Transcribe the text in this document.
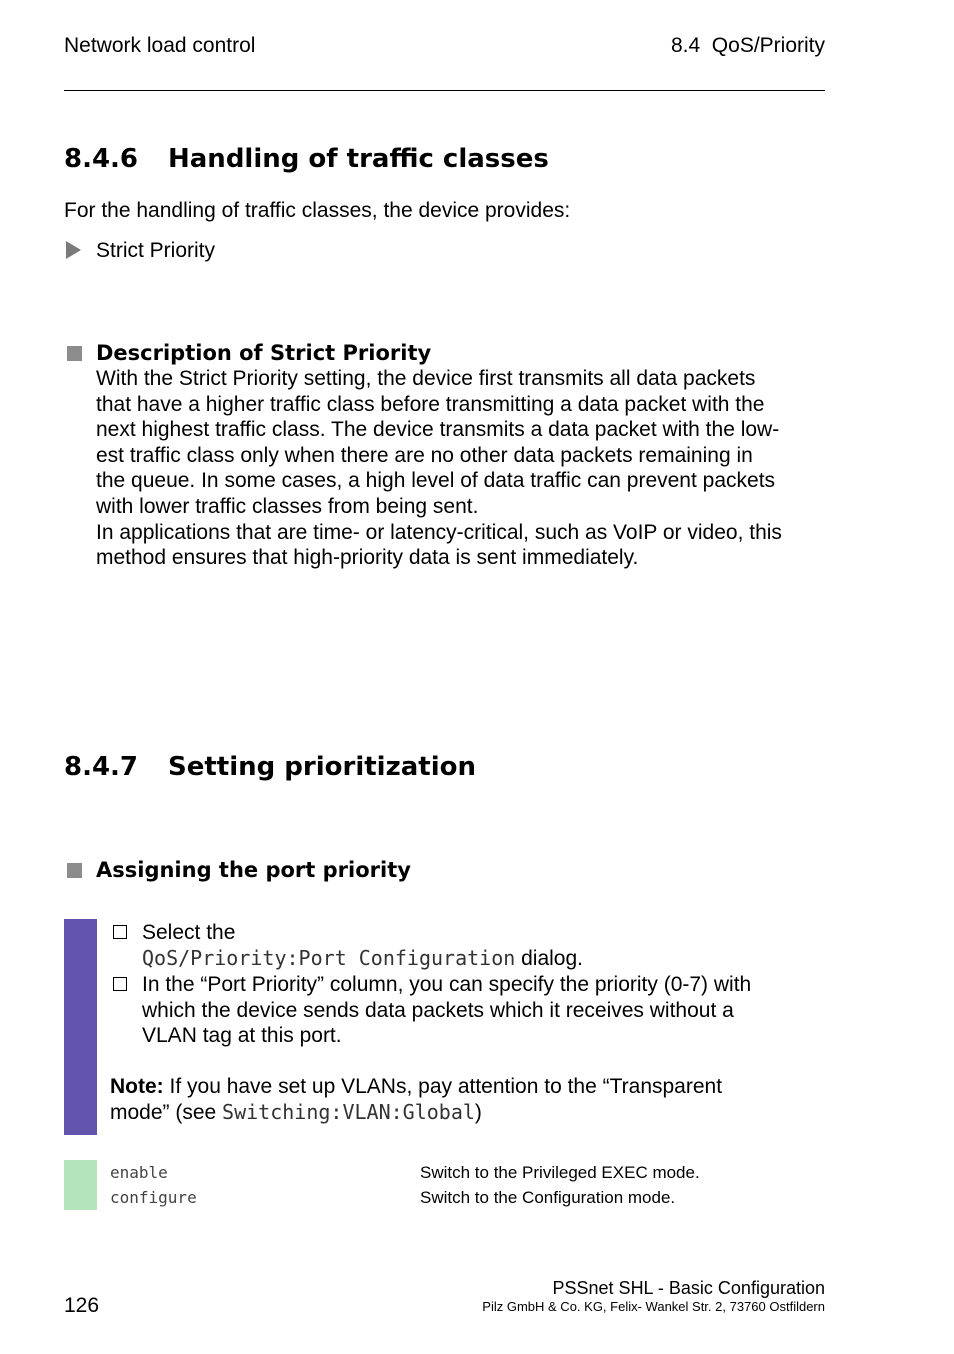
Network load control	8.4  QoS/Priority
8.4.6 Handling of traffic classes
For the handling of traffic classes, the device provides:
Strict Priority
Description of Strict Priority
With the Strict Priority setting, the device first transmits all data packets
that have a higher traffic class before transmitting a data packet with the
next highest traffic class. The device transmits a data packet with the low-
est traffic class only when there are no other data packets remaining in
the queue. In some cases, a high level of data traffic can prevent packets
with lower traffic classes from being sent.
In applications that are time- or latency-critical, such as VoIP or video, this
method ensures that high-priority data is sent immediately.
8.4.7 Setting prioritization
Assigning the port priority
Select the
QoS/Priority:Port Configuration dialog.
In the “Port Priority” column, you can specify the priority (0-7) with
which the device sends data packets which it receives without a
VLAN tag at this port.
Note: If you have set up VLANs, pay attention to the “Transparent
mode” (see Switching:VLAN:Global)
enable
configure
Switch to the Privileged EXEC mode.
Switch to the Configuration mode.
126
PSSnet SHL - Basic Configuration
Pilz GmbH & Co. KG, Felix- Wankel Str. 2, 73760 Ostfildern
